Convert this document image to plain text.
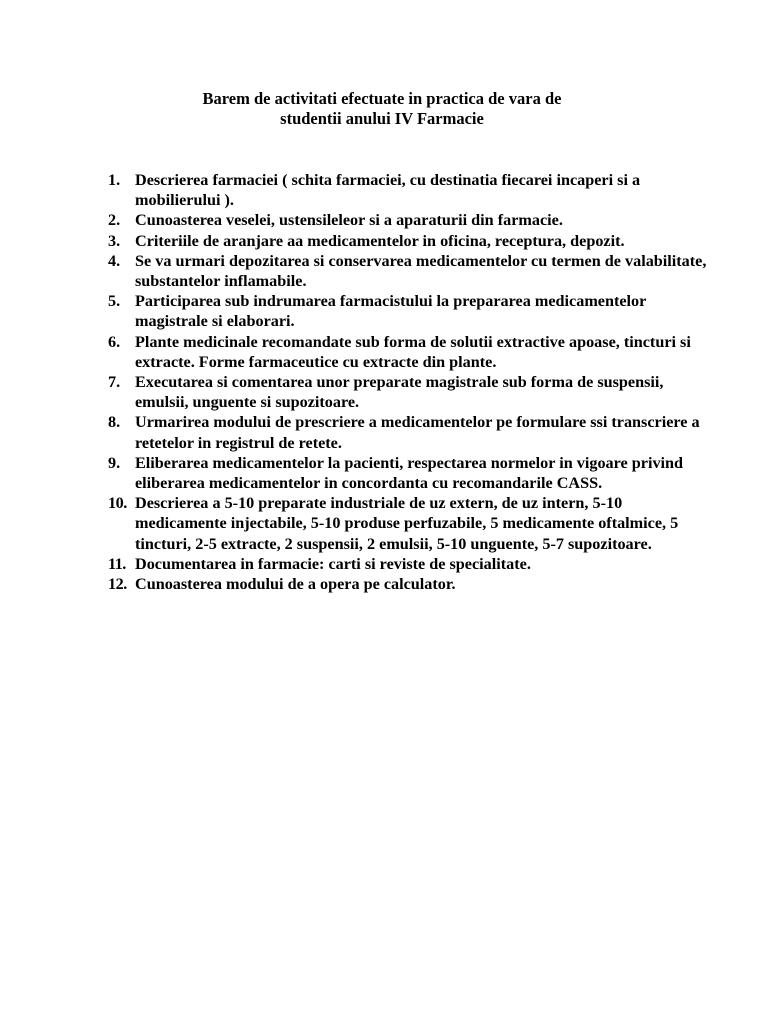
Barem de activitati efectuate in practica de vara de
studentii anului IV Farmacie
1. Descrierea farmaciei ( schita farmaciei, cu destinatia fiecarei incaperi si a mobilierului ).
2. Cunoasterea veselei, ustensileleor si a aparaturii din farmacie.
3. Criteriile de aranjare aa medicamentelor in oficina, receptura, depozit.
4. Se va urmari depozitarea si conservarea medicamentelor cu termen de valabilitate, substantelor inflamabile.
5. Participarea sub indrumarea farmacistului la prepararea medicamentelor magistrale si elaborari.
6. Plante medicinale recomandate sub forma de solutii extractive apoase, tincturi si extracte. Forme farmaceutice cu extracte din plante.
7. Executarea si comentarea unor preparate magistrale sub forma de suspensii, emulsii, unguente si supozitoare.
8. Urmarirea modului de prescriere a medicamentelor pe formulare ssi transcriere a retetelor in registrul de retete.
9. Eliberarea medicamentelor la pacienti, respectarea normelor in vigoare privind eliberarea medicamentelor in concordanta cu recomandarile CASS.
10. Descrierea a 5-10 preparate industriale de uz extern, de uz intern, 5-10 medicamente injectabile, 5-10 produse perfuzabile, 5 medicamente oftalmice, 5 tincturi, 2-5 extracte, 2 suspensii, 2 emulsii, 5-10 unguente, 5-7 supozitoare.
11. Documentarea in farmacie: carti si reviste de specialitate.
12. Cunoasterea modului de a opera pe calculator.
